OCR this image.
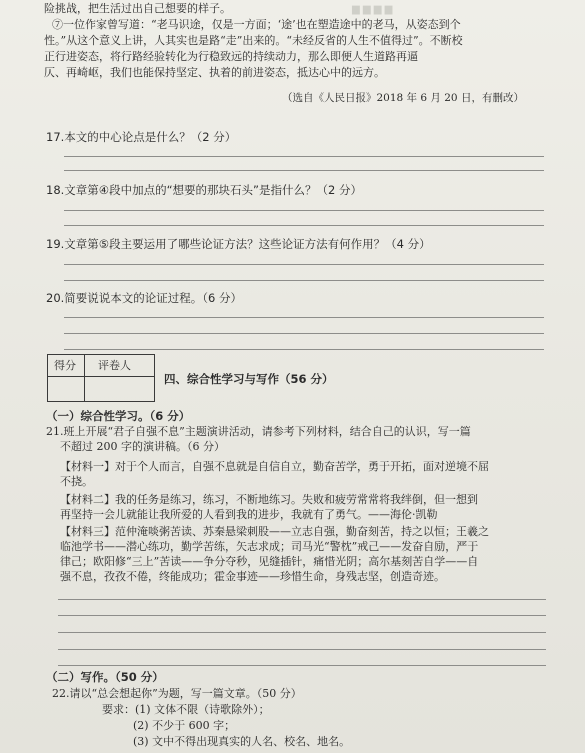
险挑战，把生活过出自己想要的样子。	▆ ▆ ▆ ▆
⑦一位作家曾写道：“老马识途，仅是一方面；‘途’也在塑造途中的老马，从姿态到个
性。”从这个意义上讲，人其实也是路“走”出来的。“未经反省的人生不值得过”。不断校
正行进姿态，将行路经验转化为行稳致远的持续动力，那么即便人生道路再逼
仄、再崎岖，我们也能保持坚定、执着的前进姿态，抵达心中的远方。
（选自《人民日报》2018 年 6 月 20 日，有删改）
17.本文的中心论点是什么？（2 分）
18.文章第④段中加点的“想要的那块石头”是指什么？（2 分）
19.文章第⑤段主要运用了哪些论证方法？这些论证方法有何作用？（4 分）
20.简要说说本文的论证过程。（6 分）
得分 评卷人
四、综合性学习与写作（56 分）
（一）综合性学习。（6 分）
21.班上开展“君子自强不息”主题演讲活动，请参考下列材料，结合自己的认识，写一篇
不超过 200 字的演讲稿。（6 分）
【材料一】对于个人而言，自强不息就是自信自立，勤奋苦学，勇于开拓，面对逆境不屈
不挠。
【材料二】我的任务是练习，练习，不断地练习。失败和疲劳常常将我绊倒，但一想到
再坚持一会儿就能让我所爱的人看到我的进步，我就有了勇气。——海伦·凯勒
【材料三】范仲淹啖粥苦读、苏秦悬梁刺股——立志自强，勤奋刻苦，持之以恒；王羲之
临池学书——潜心练功，勤学苦练，矢志求成；司马光“警枕”戒己——发奋自励，严于
律己；欧阳修“三上”苦读——争分夺秒，见缝插针，痛惜光阴；高尔基刻苦自学——自
强不息，孜孜不倦，终能成功；霍金事迹——珍惜生命，身残志坚，创造奇迹。
（二）写作。（50 分）
22.请以“总会想起你”为题，写一篇文章。（50 分）
要求：(1) 文体不限（诗歌除外）；
(2) 不少于 600 字；
(3) 文中不得出现真实的人名、校名、地名。
